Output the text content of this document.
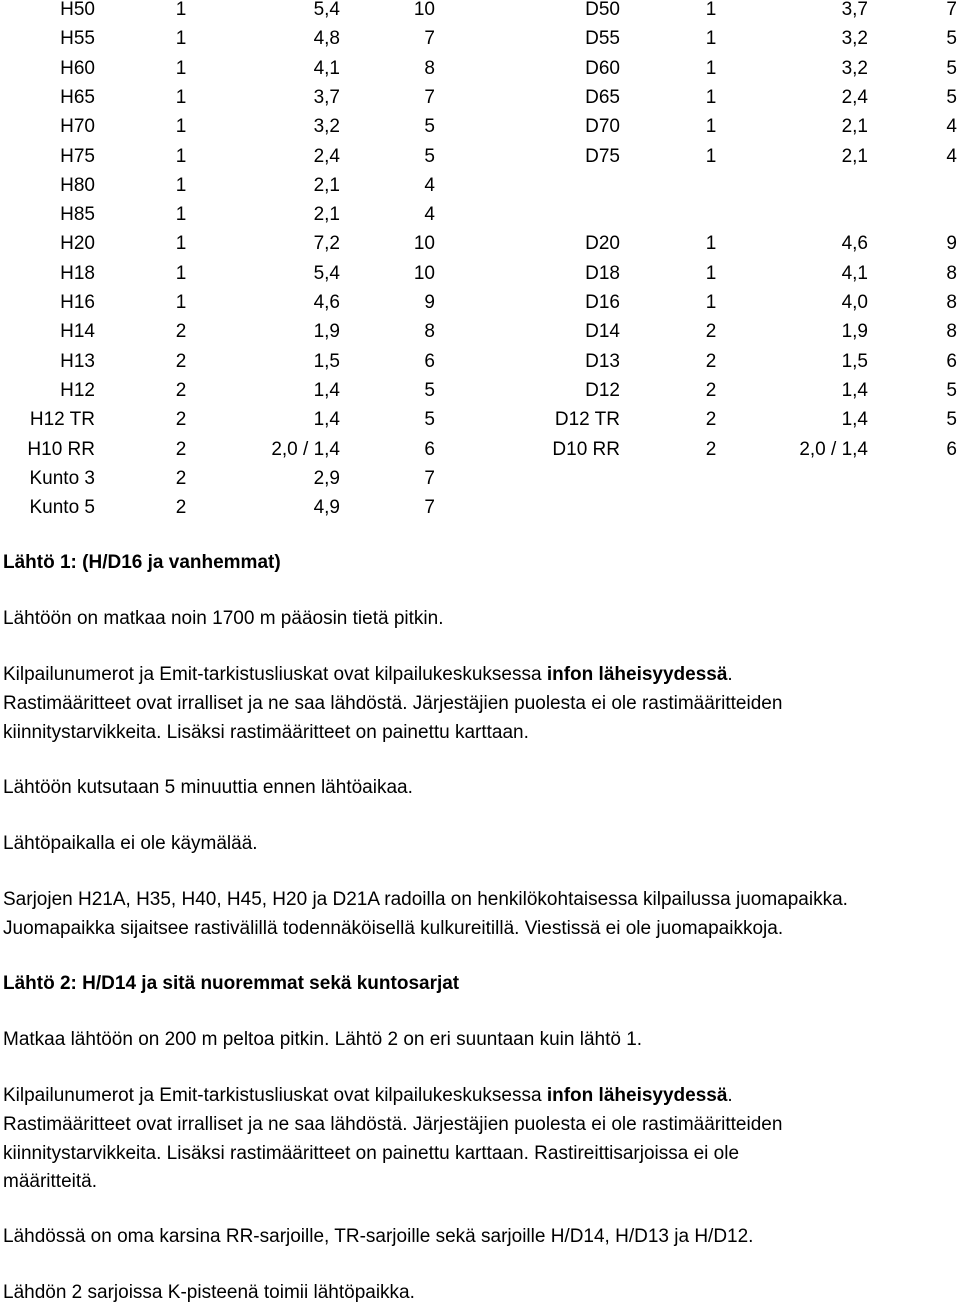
H50	1	5,4	10	D50	1	3,7	7
H55	1	4,8	7	D55	1	3,2	5
H60	1	4,1	8	D60	1	3,2	5
H65	1	3,7	7	D65	1	2,4	5
H70	1	3,2	5	D70	1	2,1	4
H75	1	2,4	5	D75	1	2,1	4
H80	1	2,1	4
H85	1	2,1	4
H20	1	7,2	10	D20	1	4,6	9
H18	1	5,4	10	D18	1	4,1	8
H16	1	4,6	9	D16	1	4,0	8
H14	2	1,9	8	D14	2	1,9	8
H13	2	1,5	6	D13	2	1,5	6
H12	2	1,4	5	D12	2	1,4	5
H12 TR	2	1,4	5	D12 TR	2	1,4	5
H10 RR	2	2,0 / 1,4	6	D10 RR	2	2,0 / 1,4	6
Kunto 3	2	2,9	7
Kunto 5	2	4,9	7
Lähtö 1: (H/D16 ja vanhemmat)
Lähtöön on matkaa noin 1700 m pääosin tietä pitkin.
Kilpailunumerot ja Emit-tarkistusliuskat ovat kilpailukeskuksessa infon läheisyydessä.
Rastimääritteet ovat irralliset ja ne saa lähdöstä. Järjestäjien puolesta ei ole rastimääritteiden
kiinnitystarvikkeita. Lisäksi rastimääritteet on painettu karttaan.
Lähtöön kutsutaan 5 minuuttia ennen lähtöaikaa.
Lähtöpaikalla ei ole käymälää.
Sarjojen H21A, H35, H40, H45, H20 ja D21A radoilla on henkilökohtaisessa kilpailussa juomapaikka.
Juomapaikka sijaitsee rastivälillä todennäköisellä kulkureitillä. Viestissä ei ole juomapaikkoja.
Lähtö 2: H/D14 ja sitä nuoremmat sekä kuntosarjat
Matkaa lähtöön on 200 m peltoa pitkin. Lähtö 2 on eri suuntaan kuin lähtö 1.
Kilpailunumerot ja Emit-tarkistusliuskat ovat kilpailukeskuksessa infon läheisyydessä.
Rastimääritteet ovat irralliset ja ne saa lähdöstä. Järjestäjien puolesta ei ole rastimääritteiden
kiinnitystarvikkeita. Lisäksi rastimääritteet on painettu karttaan. Rastireittisarjoissa ei ole
määritteitä.
Lähdössä on oma karsina RR-sarjoille, TR-sarjoille sekä sarjoille H/D14, H/D13 ja H/D12.
Lähdön 2 sarjoissa K-pisteenä toimii lähtöpaikka.
